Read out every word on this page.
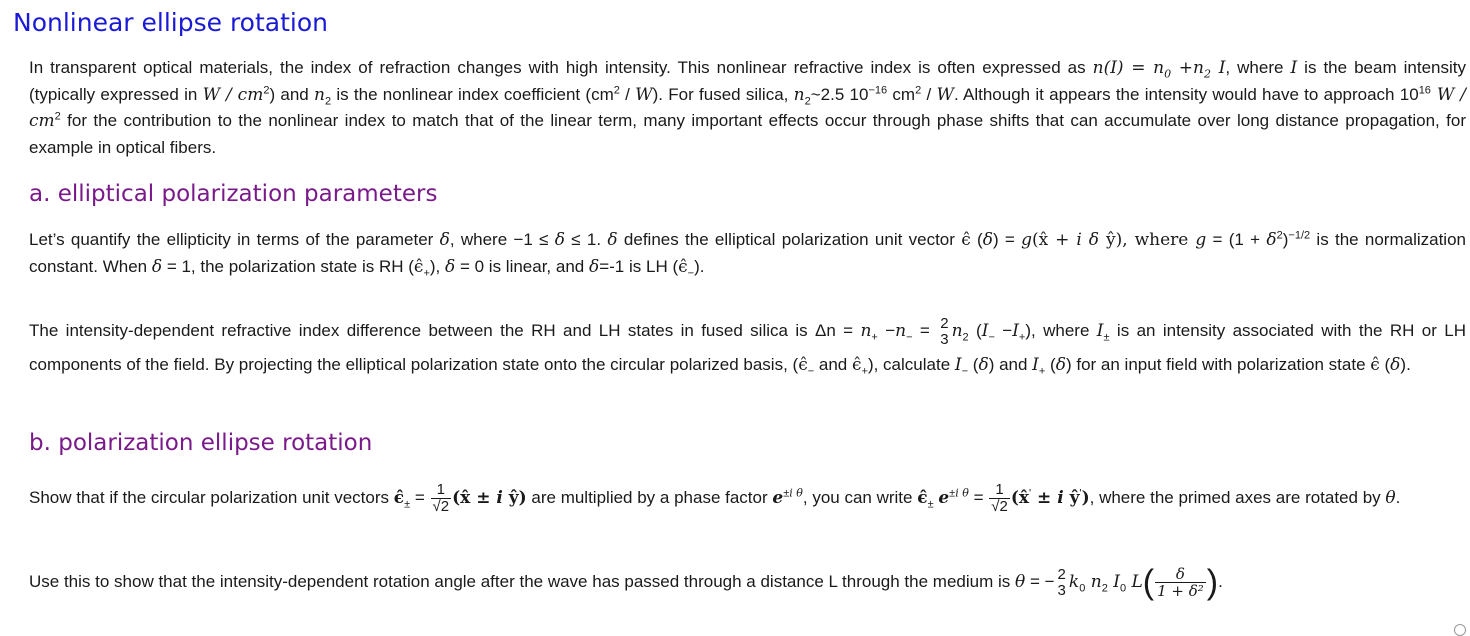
Nonlinear ellipse rotation

In transparent optical materials, the index of refraction changes with high intensity. This nonlinear refractive index is often expressed as $n(I) = n_0 +n_2$ I, where I is the beam intensity (typically expressed in W / $cm^2$) and $n_2$ is the nonlinear index coefficient $(cm^2 / W)$. For fused silica, $n_2\sim 2.5$ $10^{-16}$ $cm^2$ / W. Although it appears the intensity would have to approach $10^{16}$ W / $cm^2$ for the contribution to the nonlinear index to match that of the linear term, many important effects occur through phase shifts that can accumulate over long distance propagation, for example in optical fibers.

a. elliptical polarization parameters

Let’s quantify the ellipticity in terms of the parameter δ, where −1 ≤ δ ≤ 1. δ defines the elliptical polarization unit vector ϵ̂ (δ) = g(x̂ + i δ ŷ), where $g = (1 + \delta^2)^{-1/2}$ is the normalization constant. When δ = 1, the polarization state is RH $(\epsilon̂_+)$, δ = 0 is linear, and δ=-1 is LH $(\epsilon̂_-)$.

The intensity-dependent refractive index difference between the RH and LH states in fused silica is $\Delta n = n_+ -n_- = 2$
3 $n_2$ $(I_- -I_+)$, where $I_\pm$ is an intensity associated with the RH or LH components of the field. By projecting the elliptical polarization state onto the circular polarized basis, ($\epsilon̂_-$ and $\epsilon̂_+$), calculate $I_-$ (δ) and $I_+$ (δ) for an input field with polarization state ϵ̂ (δ).

b. polarization ellipse rotation

Show that if the circular polarization unit vectors $\epsilon̂_\pm = \frac{1}{√2}$ (x̂ ± i ŷ) are multiplied by a phase factor $e^{\pm i \theta}$, you can write $\epsilon̂_\pm$ $e^{\pm i \theta} = \frac{1}{√2}$ (x̂' ± i ŷ'), where the primed axes are rotated by θ.

Use this to show that the intensity-dependent rotation angle after the wave has passed through a distance L through the medium is θ = − 2
3 $k_0$ $n_2$ $I_0$ $L( \frac{\delta}{\text{1 + δ²}}$ ).
